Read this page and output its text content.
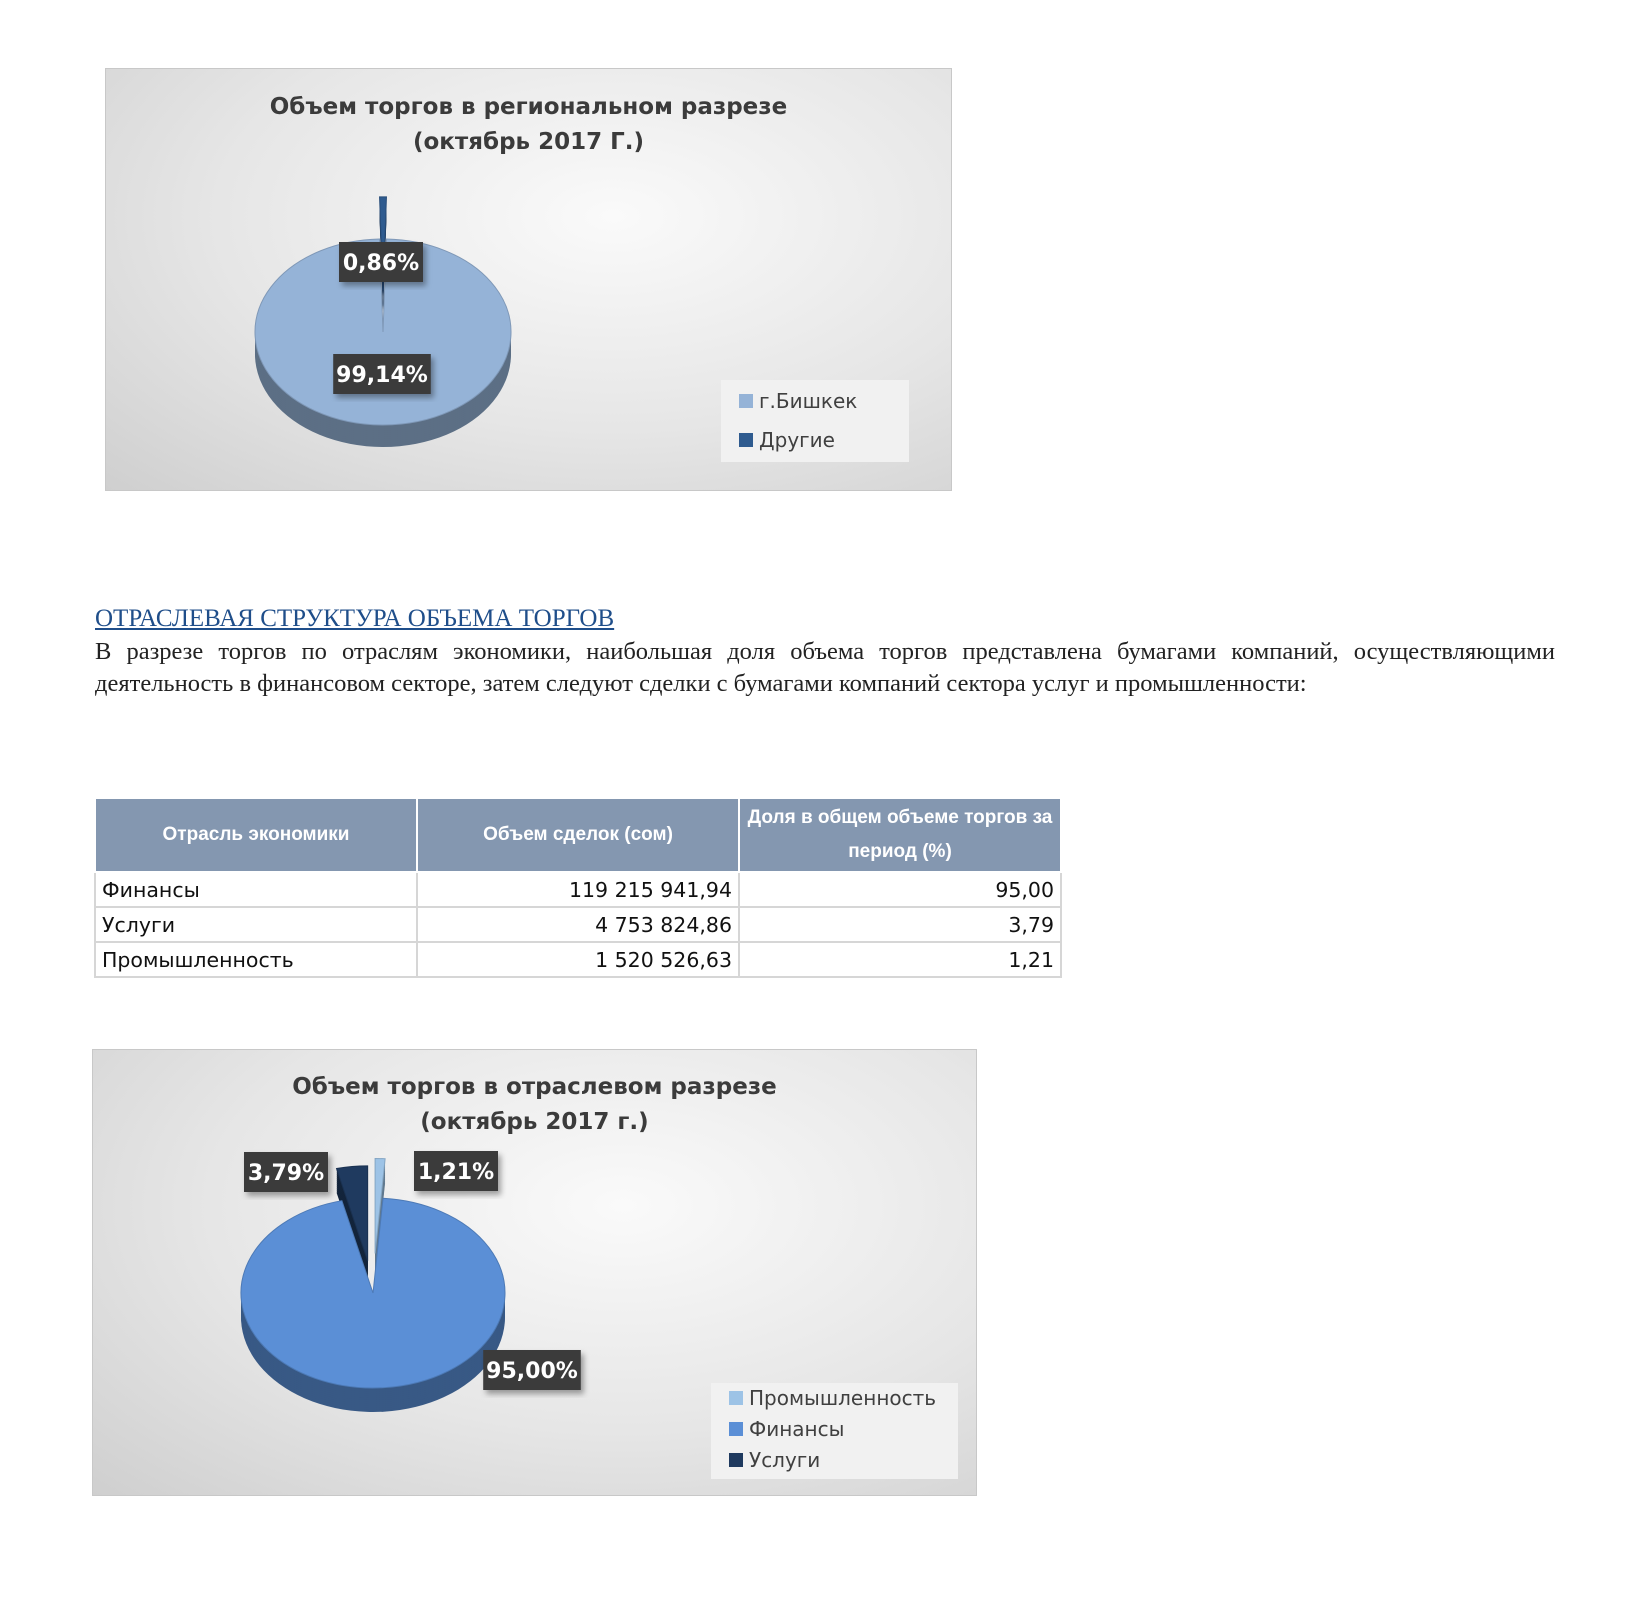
Объем торгов в региональном разрезе
(октябрь 2017 Г.)
99,14%
0,86%
г.Бишкек
Другие
ОТРАСЛЕВАЯ СТРУКТУРА ОБЪЕМА ТОРГОВ
В разрезе торгов по отраслям экономики, наибольшая доля объема торгов представлена бумагами компаний, осуществляющими деятельность в финансовом секторе, затем следуют сделки с бумагами компаний сектора услуг и промышленности:
Отрасль экономики	Объем сделок (сом)	Доля в общем объеме торгов за период (%)
Финансы	119 215 941,94	95,00
Услуги	4 753 824,86	3,79
Промышленность	1 520 526,63	1,21
Объем торгов в отраслевом разрезе
(октябрь 2017 г.)
1,21%
95,00%
3,79%
Промышленность
Финансы
Услуги
